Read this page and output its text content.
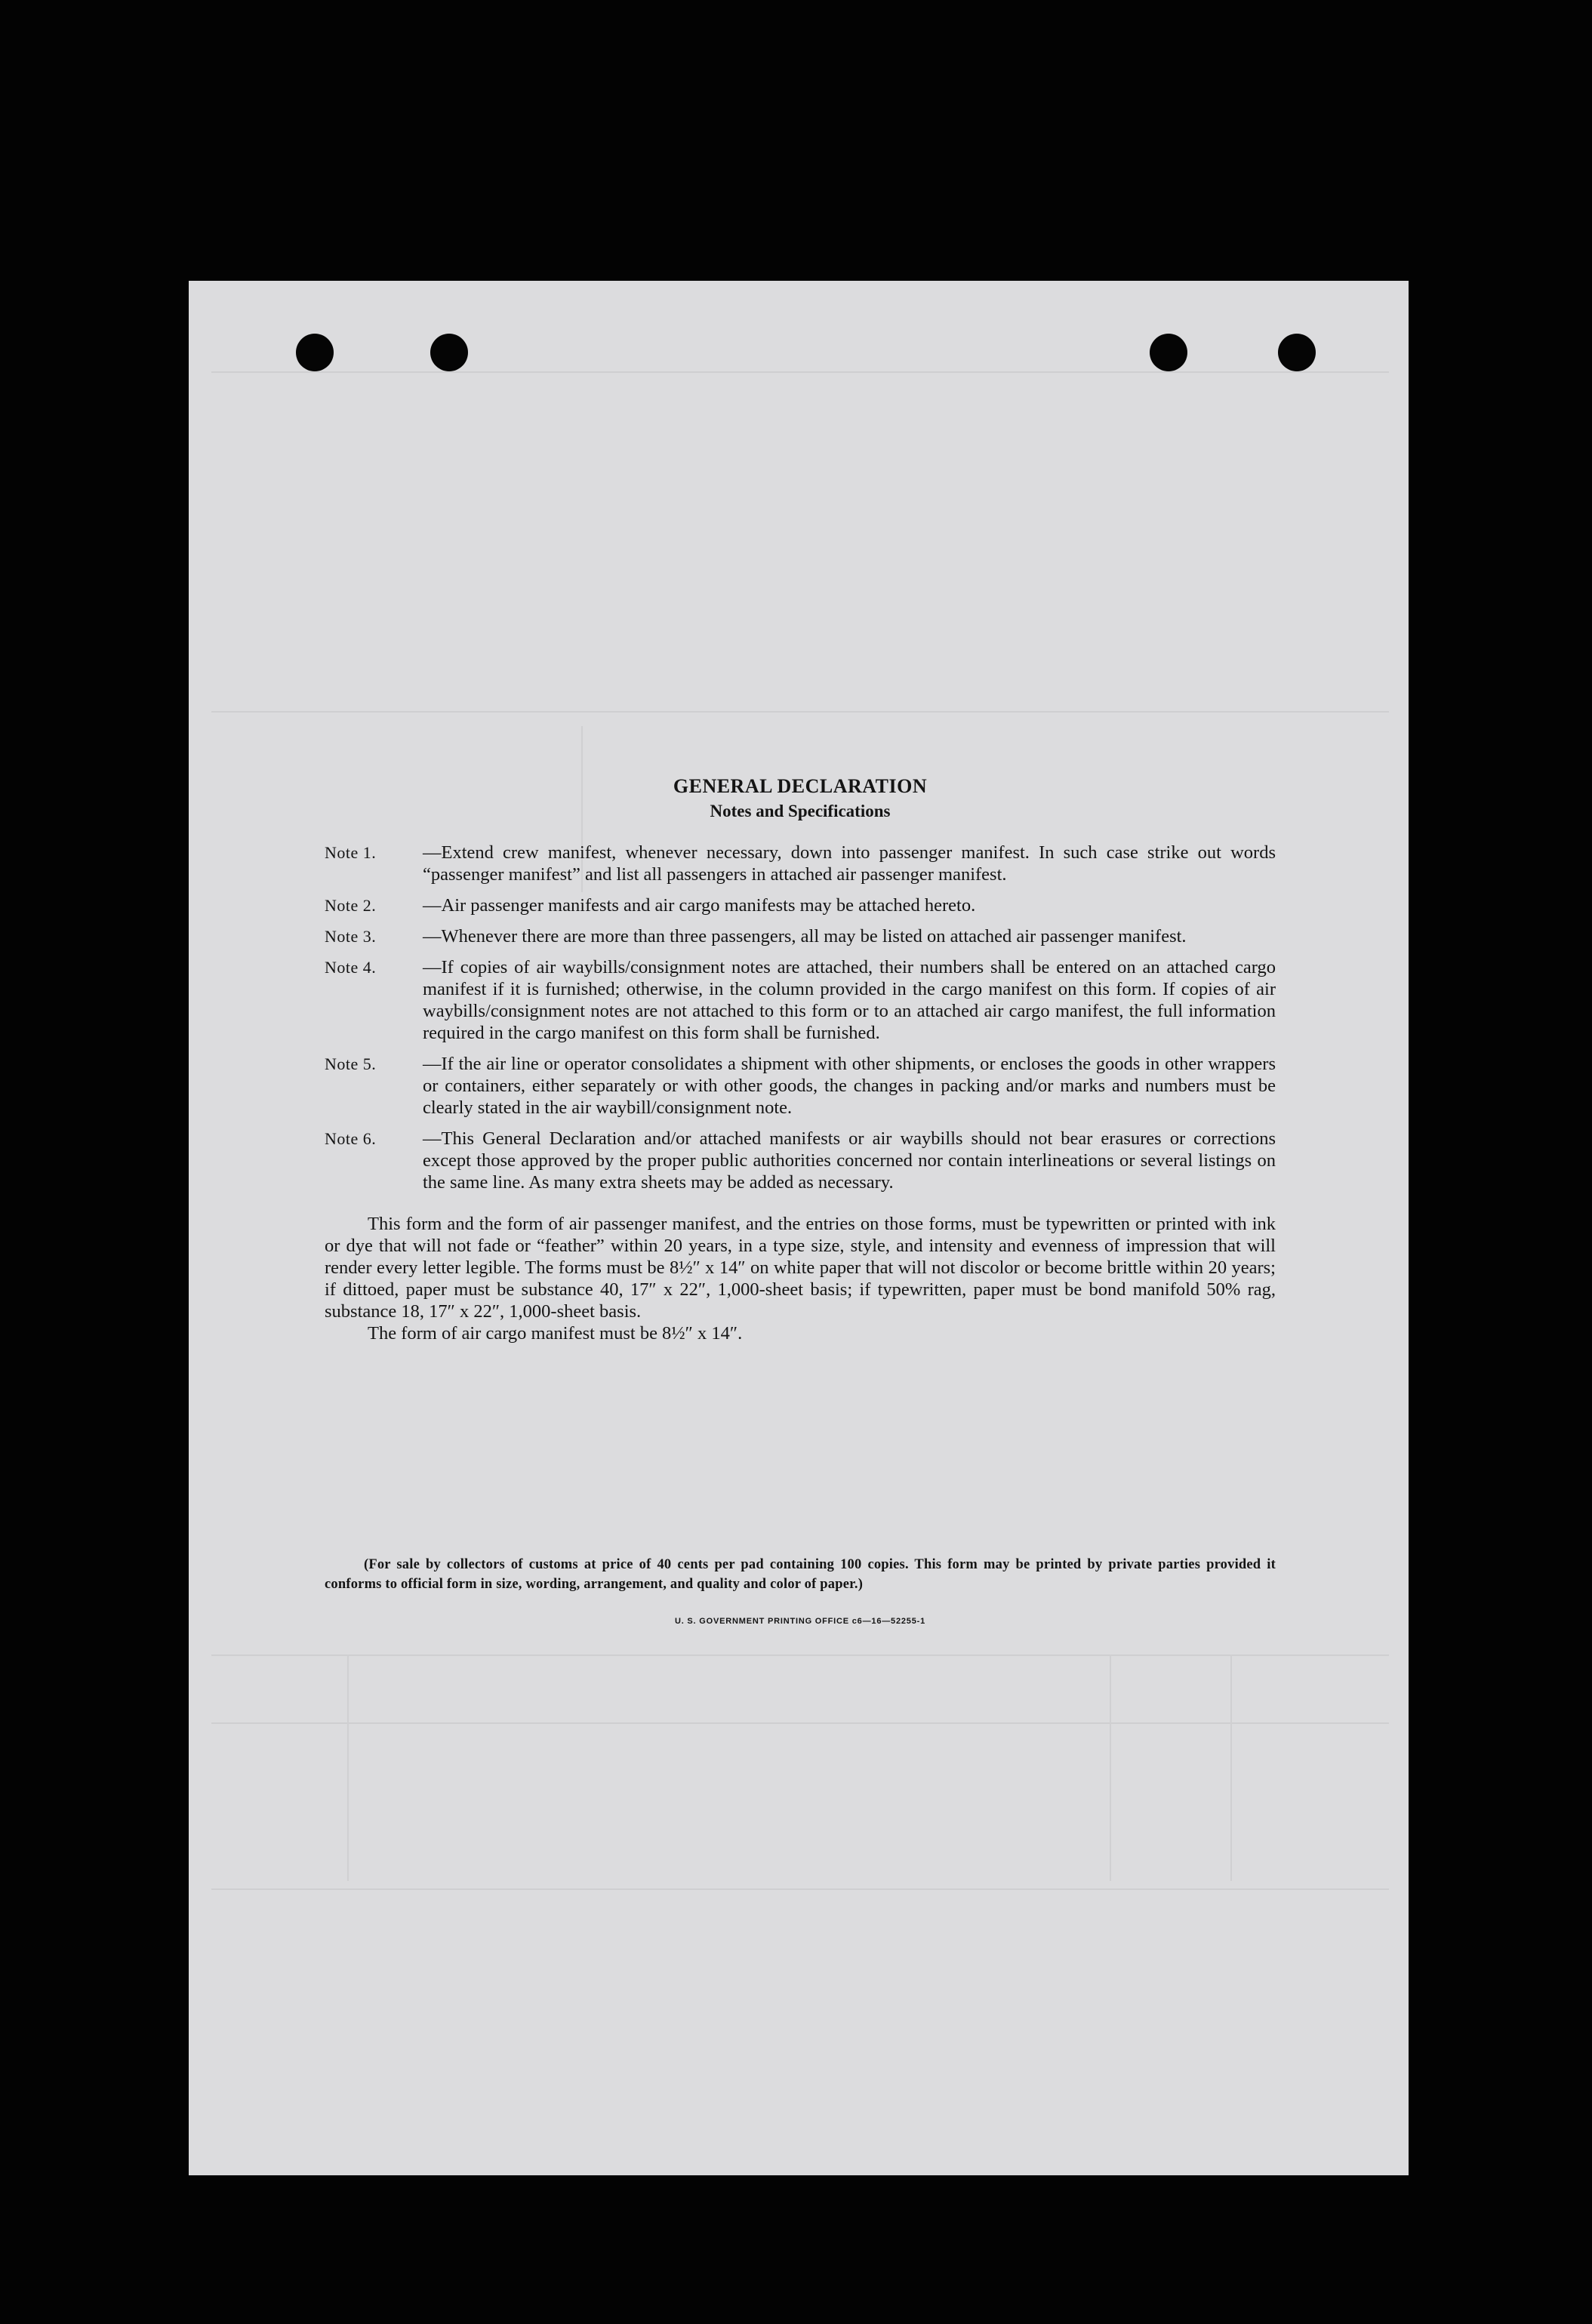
GENERAL DECLARATION
Notes and Specifications
Note 1.	—Extend crew manifest, whenever necessary, down into passenger manifest. In such case strike out words “passenger manifest” and list all passengers in attached air passenger manifest.
Note 2.	—Air passenger manifests and air cargo manifests may be attached hereto.
Note 3.	—Whenever there are more than three passengers, all may be listed on attached air passenger manifest.
Note 4.	—If copies of air waybills/consignment notes are attached, their numbers shall be entered on an attached cargo manifest if it is furnished; otherwise, in the column provided in the cargo manifest on this form. If copies of air waybills/consignment notes are not attached to this form or to an attached air cargo manifest, the full information required in the cargo manifest on this form shall be furnished.
Note 5.	—If the air line or operator consolidates a shipment with other shipments, or encloses the goods in other wrappers or containers, either separately or with other goods, the changes in packing and/or marks and numbers must be clearly stated in the air waybill/consignment note.
Note 6.	—This General Declaration and/or attached manifests or air waybills should not bear erasures or corrections except those approved by the proper public authorities concerned nor contain interlineations or several listings on the same line. As many extra sheets may be added as necessary.

This form and the form of air passenger manifest, and the entries on those forms, must be typewritten or printed with ink or dye that will not fade or “feather” within 20 years, in a type size, style, and intensity and evenness of impression that will render every letter legible. The forms must be 8½″ x 14″ on white paper that will not discolor or become brittle within 20 years; if dittoed, paper must be substance 40, 17″ x 22″, 1,000-sheet basis; if typewritten, paper must be bond manifold 50% rag, substance 18, 17″ x 22″, 1,000-sheet basis.

The form of air cargo manifest must be 8½″ x 14″.

(For sale by collectors of customs at price of 40 cents per pad containing 100 copies. This form may be printed by private parties provided it conforms to official form in size, wording, arrangement, and quality and color of paper.)
U. S. GOVERNMENT PRINTING OFFICE c6—16—52255-1
